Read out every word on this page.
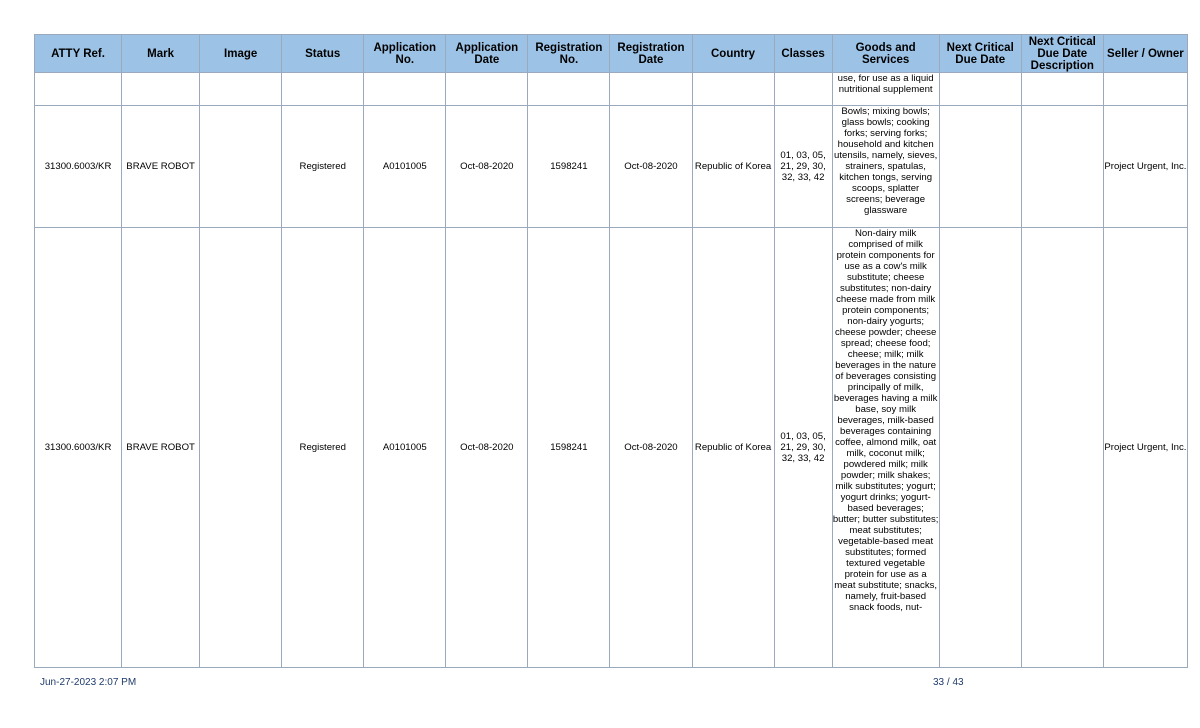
ATTY Ref.	Mark	Image	Status	Application No.	Application Date	Registration No.	Registration Date	Country	Classes	Goods and Services	Next Critical Due Date	Next Critical Due Date Description	Seller / Owner

										use, for use as a liquid nutritional supplement			

31300.6003/KR	BRAVE ROBOT		Registered	A0101005	Oct-08-2020	1598241	Oct-08-2020	Republic of Korea	01, 03, 05, 21, 29, 30, 32, 33, 42	Bowls; mixing bowls; glass bowls; cooking forks; serving forks; household and kitchen utensils, namely, sieves, strainers, spatulas, kitchen tongs, serving scoops, splatter screens; beverage glassware			Project Urgent, Inc.
31300.6003/KR	BRAVE ROBOT		Registered	A0101005	Oct-08-2020	1598241	Oct-08-2020	Republic of Korea	01, 03, 05, 21, 29, 30, 32, 33, 42	Non-dairy milk comprised of milk protein components for use as a cow's milk substitute; cheese substitutes; non-dairy cheese made from milk protein components; non-dairy yogurts; cheese powder; cheese spread; cheese food; cheese; milk; milk beverages in the nature of beverages consisting principally of milk, beverages having a milk base, soy milk beverages, milk-based beverages containing coffee, almond milk, oat milk, coconut milk; powdered milk; milk powder; milk shakes; milk substitutes; yogurt; yogurt drinks; yogurt-based beverages; butter; butter substitutes; meat substitutes; vegetable-based meat substitutes; formed textured vegetable protein for use as a meat substitute; snacks, namely, fruit-based snack foods, nut-			Project Urgent, Inc.
Jun-27-2023 2:07 PM	33 / 43
